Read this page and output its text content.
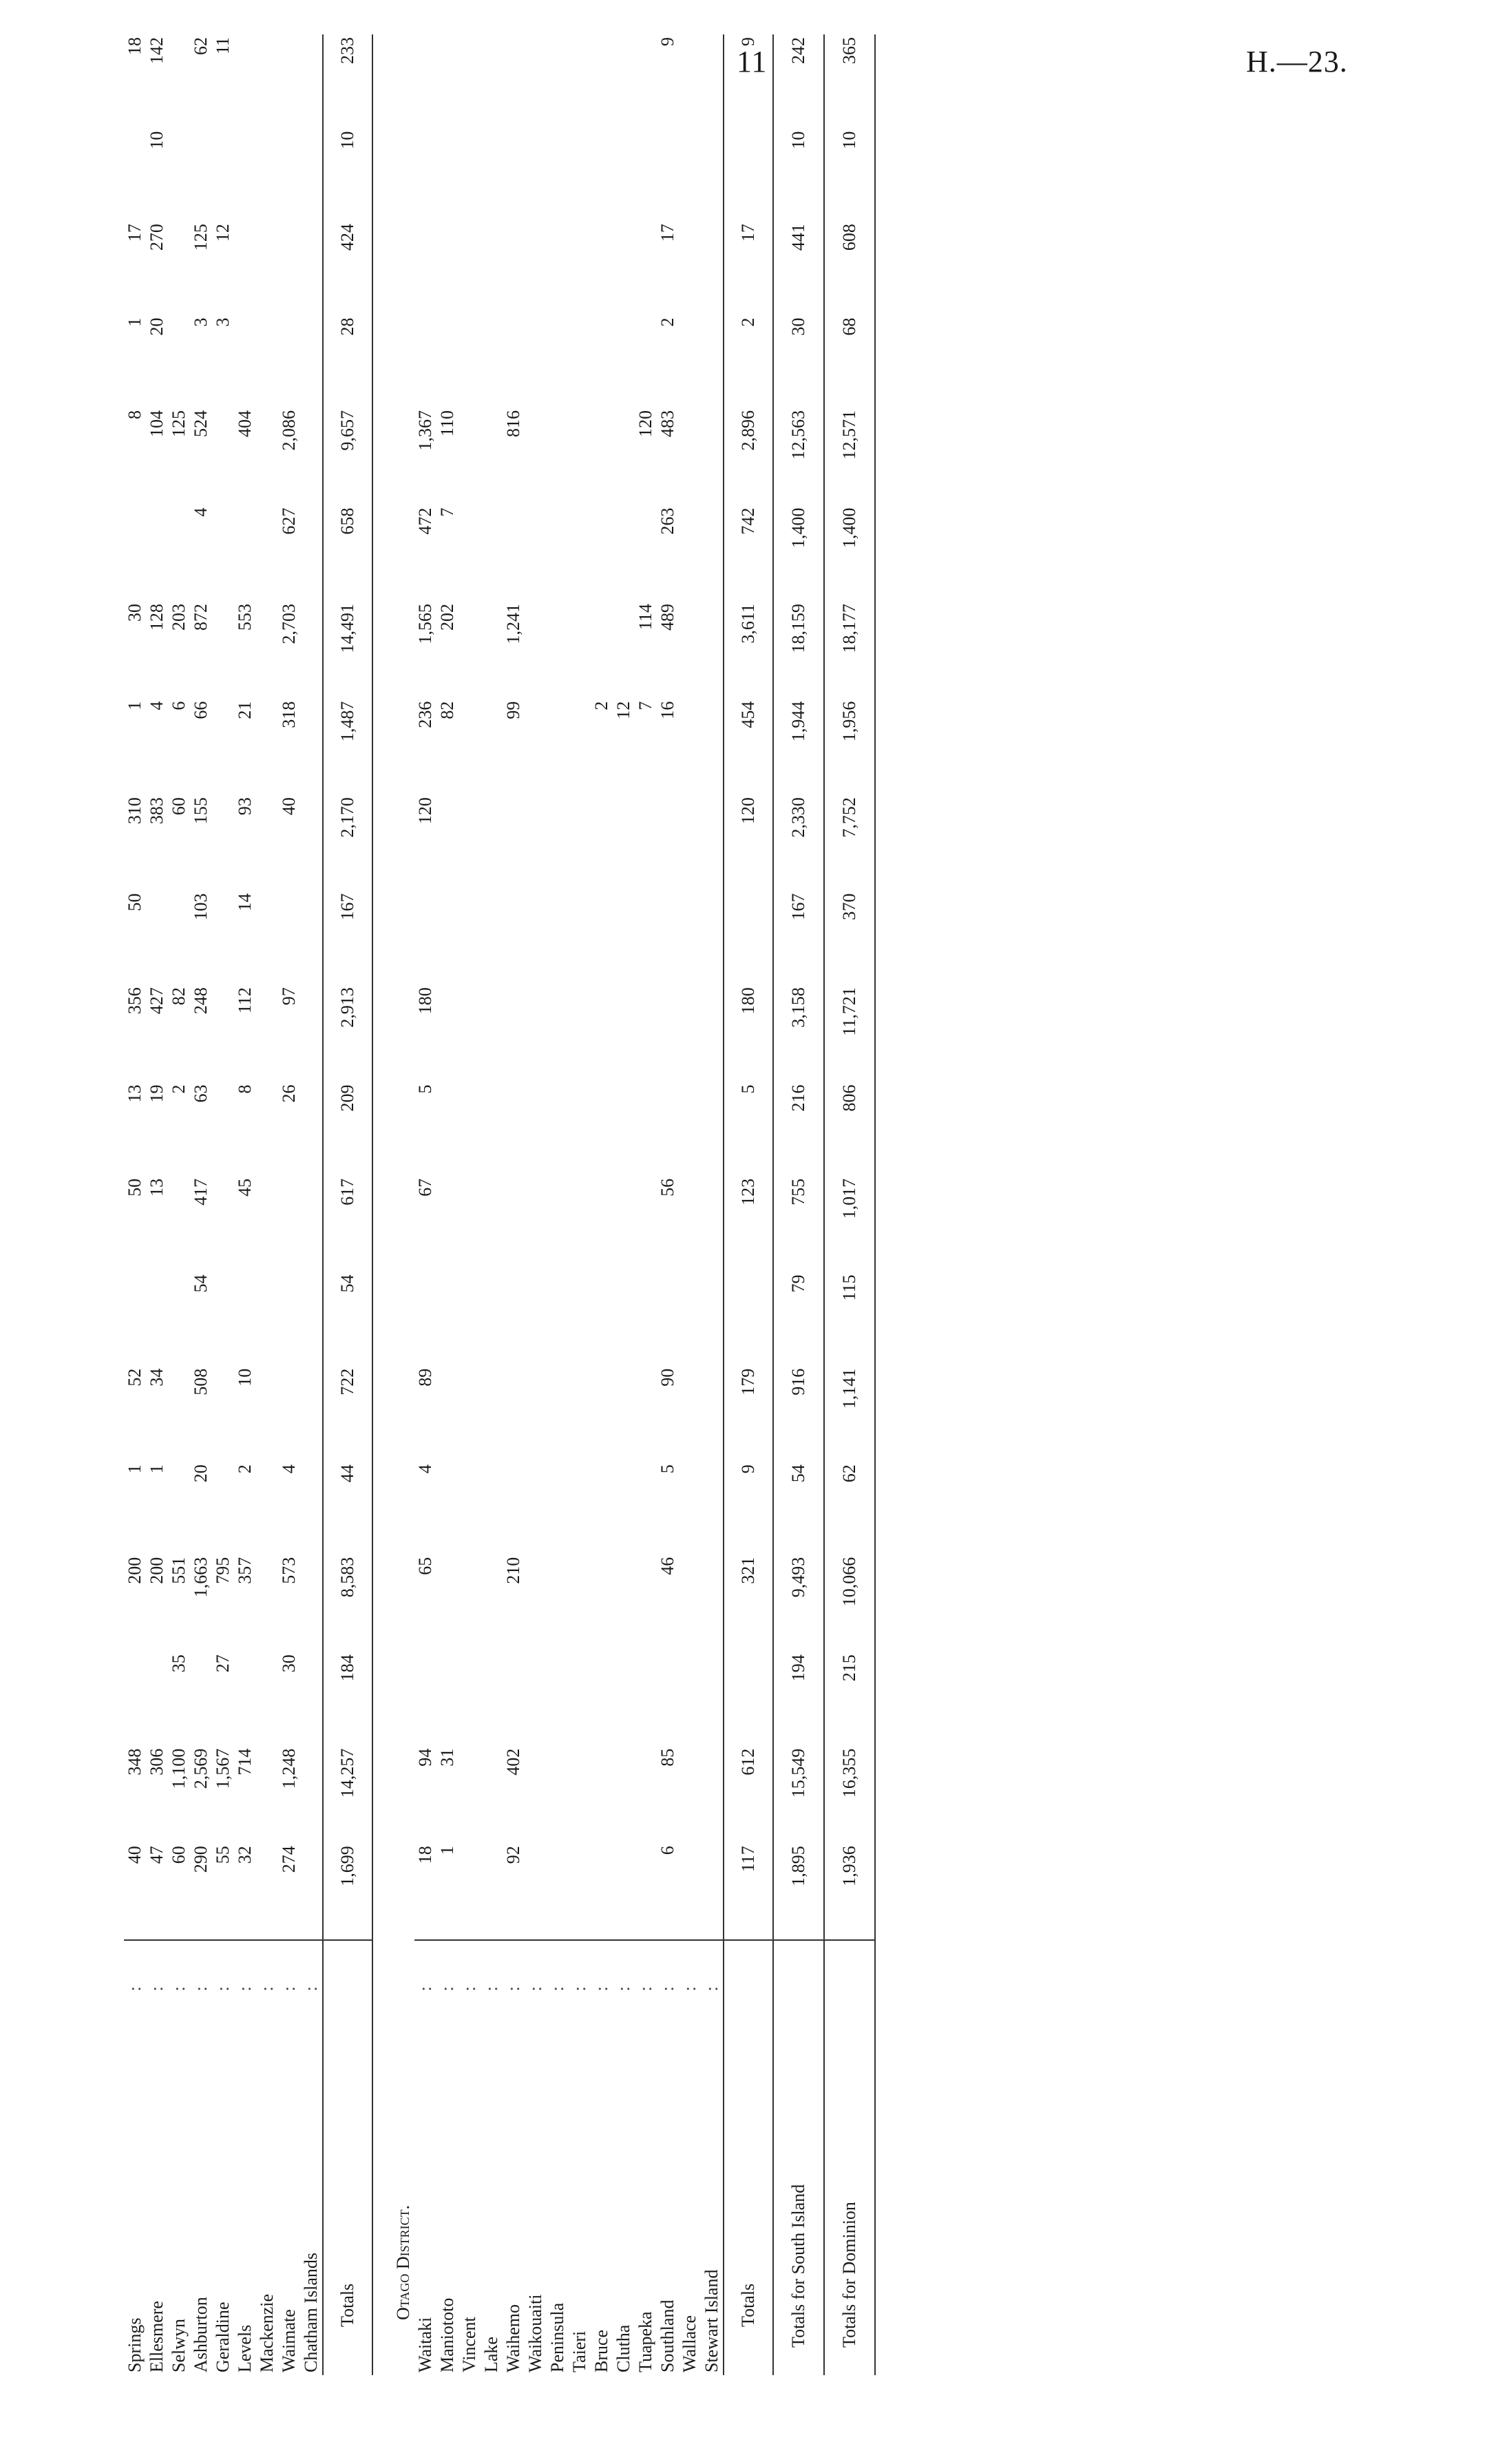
11	H.—23.
Springs	:	40	348		200	1	52		50	13	356	50	310	1	30		8	1	17		18
Ellesmere	:	47	306		200	1	34		13	19	427		383	4	128		104	20	270	10	142
Selwyn	:	60	1,100	35	551					2	82		60	6	203		125				
Ashburton	:	290	2,569		1,663	20	508	54	417	63	248	103	155	66	872	4	524	3	125		62
Geraldine	:	55	1,567	27	795													3	12		11
Levels	:	32	714		357	2	10		45	8	112	14	93	21	553		404				
Mackenzie	:																				
Waimate	:	274	1,248	30	573	4				26	97		40	318	2,703	627	2,086				
Chatham Islands	:																				
Totals		1,699	14,257	184	8,583	44	722	54	617	209	2,913	167	2,170	1,487	14,491	658	9,657	28	424	10	233
Otago District.																					
Waitaki	:	18	94		65	4	89		67	5	180		120	236	1,565	472	1,367				
Maniototo	:	1	31											82	202	7	110				
Vincent	:																				
Lake	:																				
Waihemo	:	92	402		210									99	1,241		816				
Waikouaiti	:																				
Peninsula	:																				
Taieri	:																				
Bruce	:													2							
Clutha	:													12							
Tuapeka	:													7	114		120				
Southland	:	6	85		46	5	90		56					16	489	263	483	2	17		9
Wallace	:																				
Stewart Island	:																				
Totals		117	612		321	9	179		123	5	180		120	454	3,611	742	2,896	2	17		9
Totals for South Island		1,895	15,549	194	9,493	54	916	79	755	216	3,158	167	2,330	1,944	18,159	1,400	12,563	30	441	10	242
Totals for Dominion		1,936	16,355	215	10,066	62	1,141	115	1,017	806	11,721	370	7,752	1,956	18,177	1,400	12,571	68	608	10	365
